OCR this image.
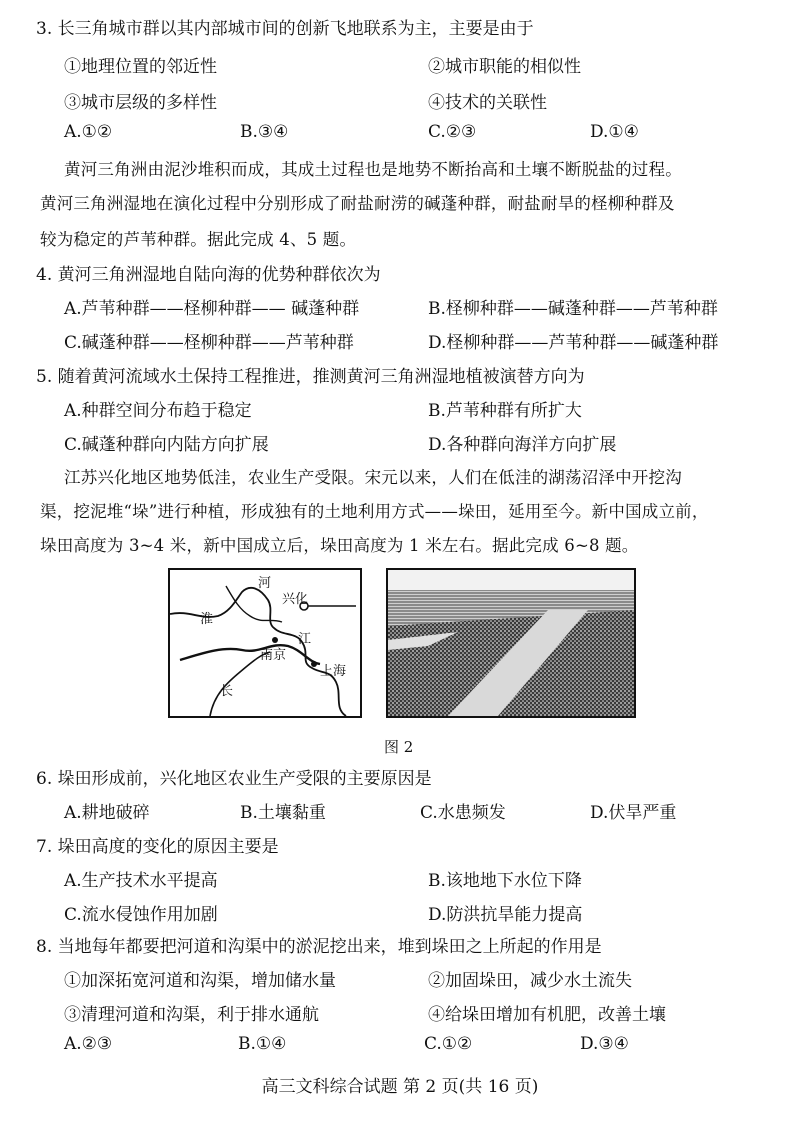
3. 长三角城市群以其内部城市间的创新飞地联系为主，主要是由于
①地理位置的邻近性	②城市职能的相似性
③城市层级的多样性	④技术的关联性
A.①②	B.③④	C.②③	D.①④
黄河三角洲由泥沙堆积而成，其成土过程也是地势不断抬高和土壤不断脱盐的过程。
黄河三角洲湿地在演化过程中分别形成了耐盐耐涝的碱蓬种群，耐盐耐旱的柽柳种群及
较为稳定的芦苇种群。据此完成 4、5 题。
4. 黄河三角洲湿地自陆向海的优势种群依次为
A.芦苇种群——柽柳种群—— 碱蓬种群	B.柽柳种群——碱蓬种群——芦苇种群
C.碱蓬种群——柽柳种群——芦苇种群	D.柽柳种群——芦苇种群——碱蓬种群
5. 随着黄河流域水土保持工程推进，推测黄河三角洲湿地植被演替方向为
A.种群空间分布趋于稳定	B.芦苇种群有所扩大
C.碱蓬种群向内陆方向扩展	D.各种群向海洋方向扩展
江苏兴化地区地势低洼，农业生产受限。宋元以来，人们在低洼的湖荡沼泽中开挖沟
渠，挖泥堆“垛”进行种植，形成独有的土地利用方式——垛田，延用至今。新中国成立前，
垛田高度为 3~4 米，新中国成立后，垛田高度为 1 米左右。据此完成 6~8 题。
河
淮
兴化
江
南京
上海
长
图 2
6. 垛田形成前，兴化地区农业生产受限的主要原因是
A.耕地破碎	B.土壤黏重	C.水患频发	D.伏旱严重
7. 垛田高度的变化的原因主要是
A.生产技术水平提高	B.该地地下水位下降
C.流水侵蚀作用加剧	D.防洪抗旱能力提高
8. 当地每年都要把河道和沟渠中的淤泥挖出来，堆到垛田之上所起的作用是
①加深拓宽河道和沟渠，增加储水量	②加固垛田，减少水土流失
③清理河道和沟渠，利于排水通航	④给垛田增加有机肥，改善土壤
A.②③	B.①④	C.①②	D.③④
高三文科综合试题 第 2 页(共 16 页)
